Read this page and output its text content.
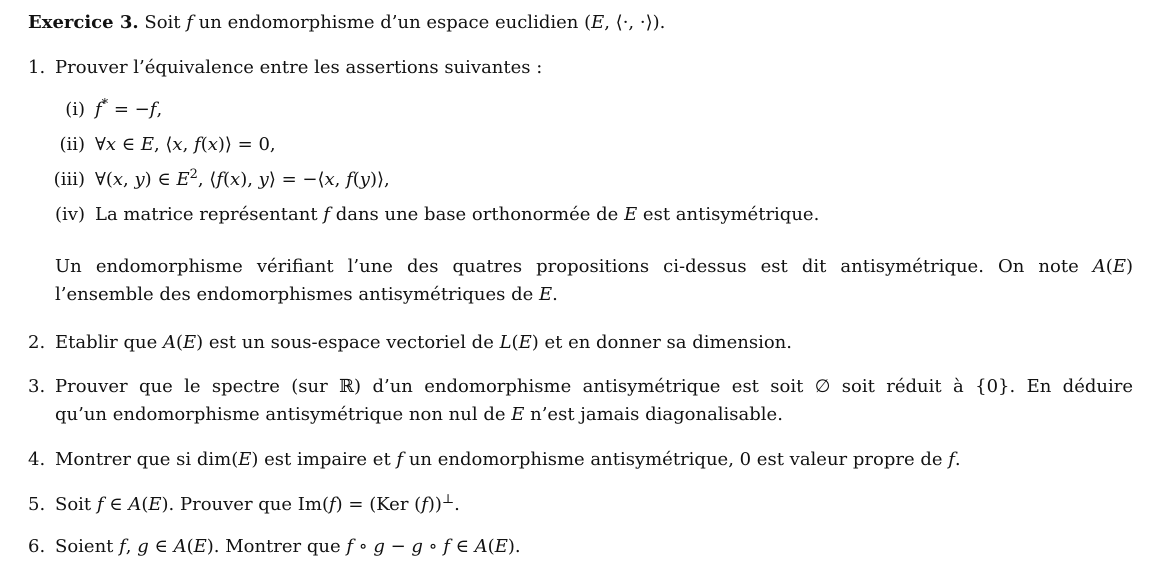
Exercice 3. Soit f un endomorphisme d’un espace euclidien (E, ⟨·, ·⟩).
1. Prouver l’équivalence entre les assertions suivantes :
(i) f* = −f,
(ii) ∀x ∈ E, ⟨x, f(x)⟩ = 0,
(iii) ∀(x, y) ∈ $E^2$, ⟨f(x), y⟩ = −⟨x, f(y)⟩,
(iv) La matrice représentant f dans une base orthonormée de E est antisymétrique.
Un endomorphisme vérifiant l’une des quatres propositions ci-dessus est dit antisymétrique. On note A(E)
l’ensemble des endomorphismes antisymétriques de E.
2. Etablir que A(E) est un sous-espace vectoriel de L(E) et en donner sa dimension.
3. Prouver que le spectre (sur ℝ) d’un endomorphisme antisymétrique est soit ∅ soit réduit à {0}. En déduire
qu’un endomorphisme antisymétrique non nul de E n’est jamais diagonalisable.
4. Montrer que si dim(E) est impaire et f un endomorphisme antisymétrique, 0 est valeur propre de f.
5. Soit f ∈ A(E). Prouver que Im(f) = (Ker (f))⊥.
6. Soient f, g ∈ A(E). Montrer que f ∘ g − g ∘ f ∈ A(E).
